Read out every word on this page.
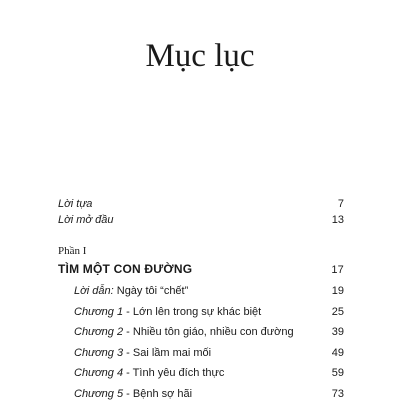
Mục lục
Lời tựa	7
Lời mở đầu	13
Phần I
TÌM MỘT CON ĐƯỜNG	17
Lời dẫn: Ngày tôi “chết”	19
Chương 1 - Lớn lên trong sự khác biệt	25
Chương 2 - Nhiều tôn giáo, nhiều con đường	39
Chương 3 - Sai lầm mai mối	49
Chương 4 - Tình yêu đích thực	59
Chương 5 - Bệnh sợ hãi	73
